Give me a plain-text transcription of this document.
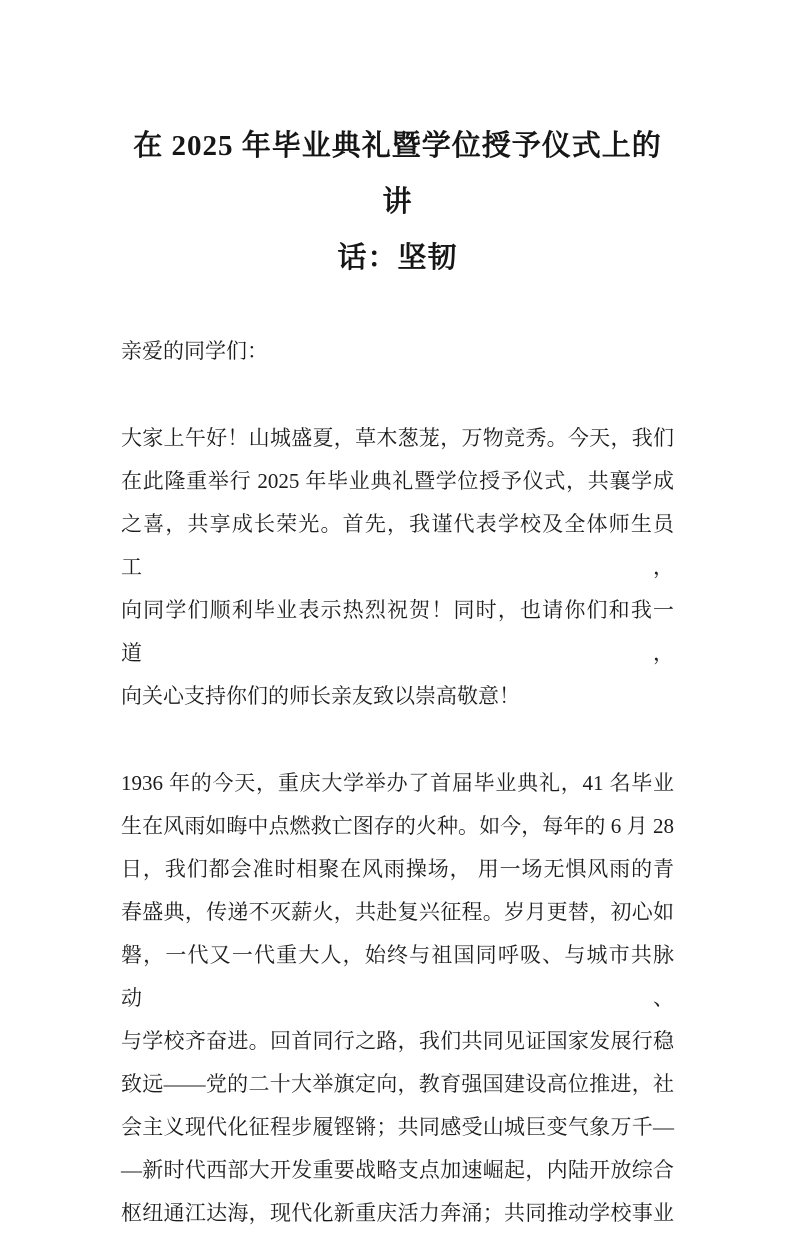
在 2025 年毕业典礼暨学位授予仪式上的讲
话：坚韧

亲爱的同学们：

大家上午好！山城盛夏，草木葱茏，万物竞秀。今天，我们
在此隆重举行 2025 年毕业典礼暨学位授予仪式，共襄学成
之喜，共享成长荣光。首先，我谨代表学校及全体师生员工，
向同学们顺利毕业表示热烈祝贺！同时，也请你们和我一道，
向关心支持你们的师长亲友致以崇高敬意！
1936 年的今天，重庆大学举办了首届毕业典礼，41 名毕业
生在风雨如晦中点燃救亡图存的火种。如今，每年的 6 月 28
日，我们都会准时相聚在风雨操场， 用一场无惧风雨的青
春盛典，传递不灭薪火，共赴复兴征程。岁月更替，初心如
磐，一代又一代重大人，始终与祖国同呼吸、与城市共脉动、
与学校齐奋进。回首同行之路，我们共同见证国家发展行稳
致远——党的二十大举旗定向，教育强国建设高位推进，社
会主义现代化征程步履铿锵；共同感受山城巨变气象万千—
—新时代西部大开发重要战略支点加速崛起，内陆开放综合
枢纽通江达海，现代化新重庆活力奔涌；共同推动学校事业
